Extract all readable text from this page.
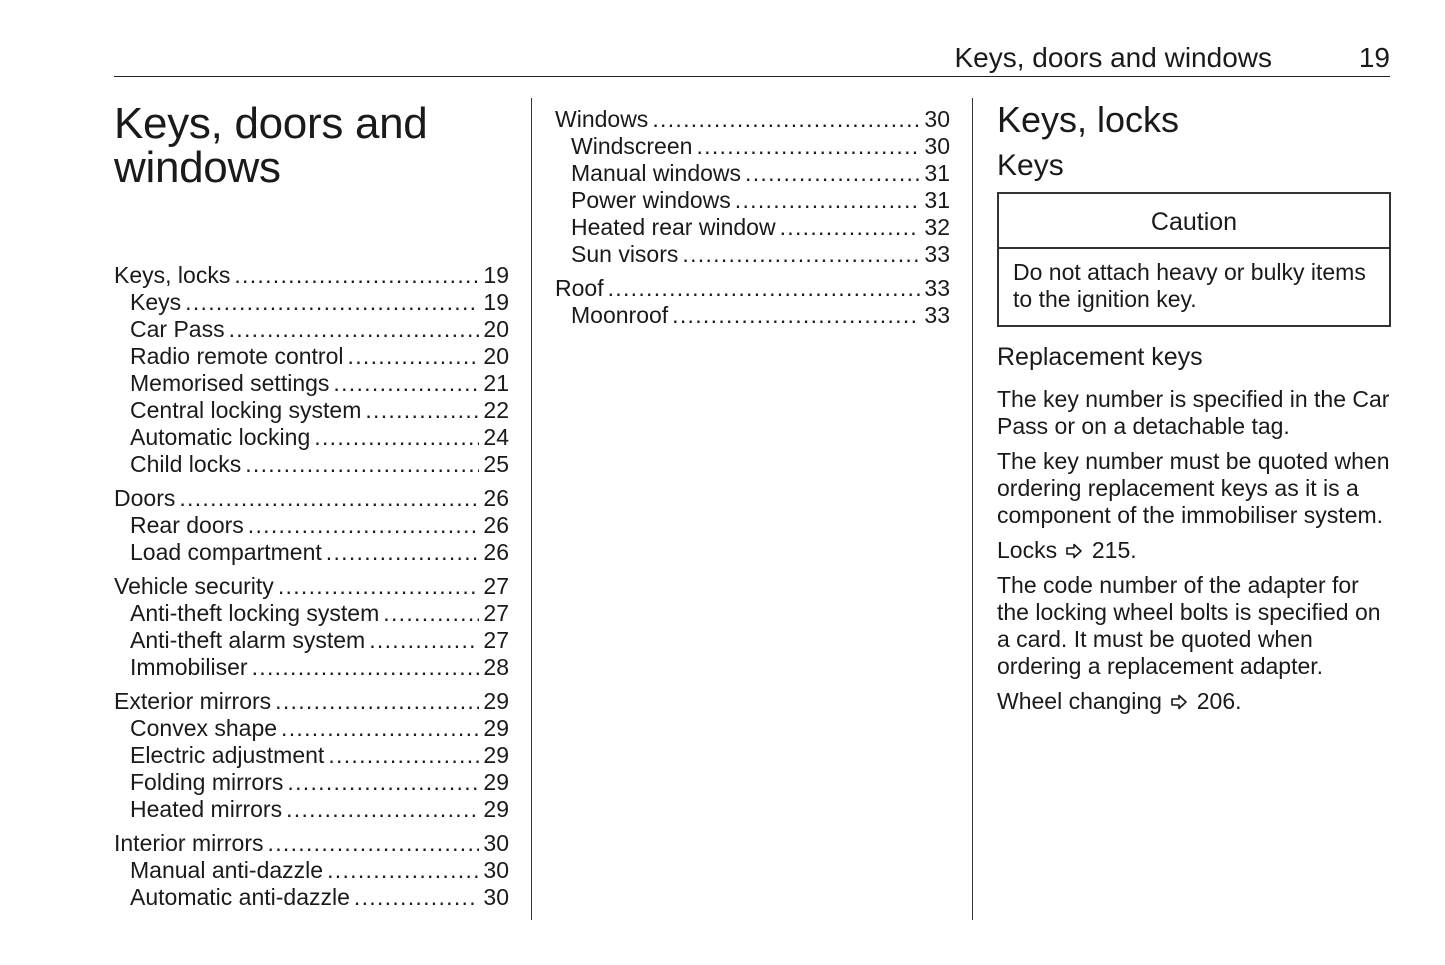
Keys, doors and windows	19
Keys, doors and
windows
Keys, locks .....	19
Keys .....	19
Car Pass .....	20
Radio remote control .....	20
Memorised settings .....	21
Central locking system .....	22
Automatic locking .....	24
Child locks .....	25
Doors .....	26
Rear doors .....	26
Load compartment .....	26
Vehicle security .....	27
Anti-theft locking system .....	27
Anti-theft alarm system .....	27
Immobiliser .....	28
Exterior mirrors .....	29
Convex shape .....	29
Electric adjustment .....	29
Folding mirrors .....	29
Heated mirrors .....	29
Interior mirrors .....	30
Manual anti-dazzle .....	30
Automatic anti-dazzle .....	30
Windows .....	30
Windscreen .....	30
Manual windows .....	31
Power windows .....	31
Heated rear window .....	32
Sun visors .....	33
Roof .....	33
Moonroof .....	33
Keys, locks
Keys
Caution
Do not attach heavy or bulky items to the ignition key.
Replacement keys

The key number is specified in the Car Pass or on a detachable tag.

The key number must be quoted when ordering replacement keys as it is a component of the immobiliser system.

Locks 215.

The code number of the adapter for the locking wheel bolts is specified on a card. It must be quoted when ordering a replacement adapter.

Wheel changing 206.
